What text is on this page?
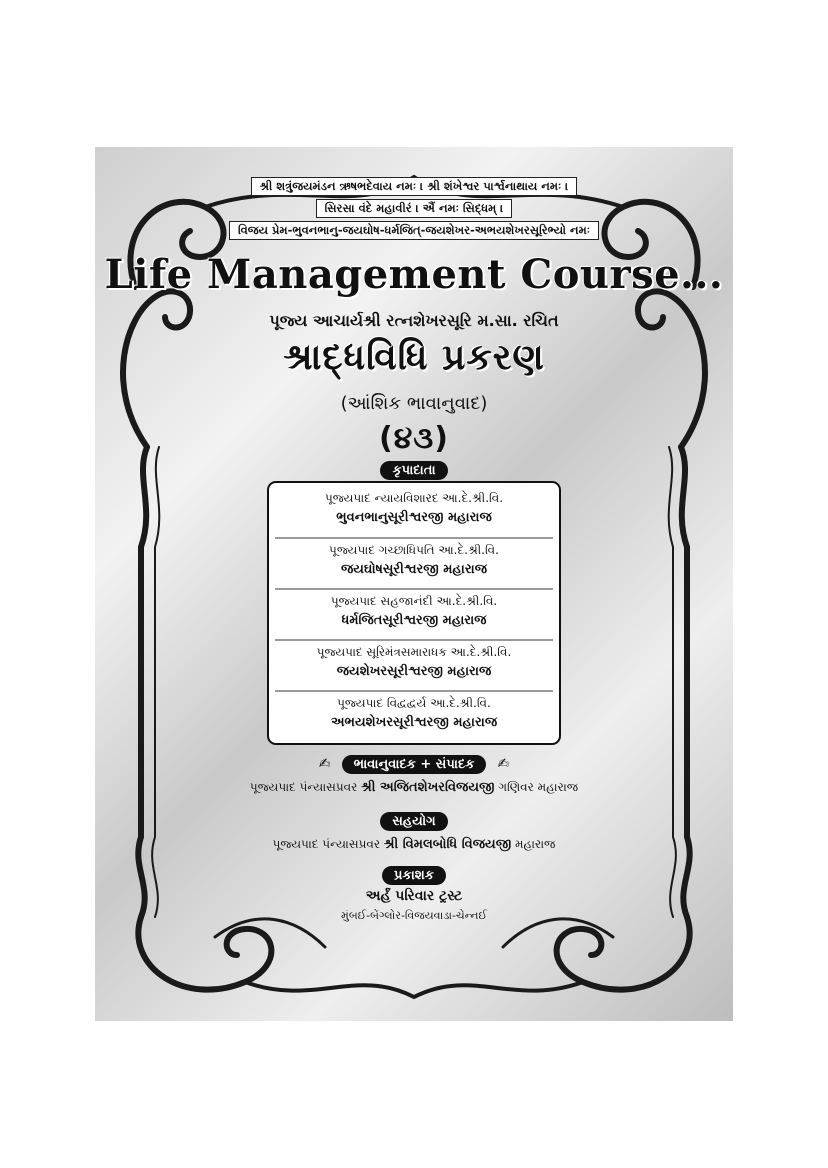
શ્રી શત્રુંજયમંડન ઋષભદેવાય નમઃ । શ્રી શંખેશ્વર પાર્શ્વનાથાય નમઃ ।
સિરસા વંદે મહાવીરં । ઐં નમઃ સિદ્ધમ્ ।
વિજય પ્રેમ-ભુવનભાનુ-જયઘોષ-ધર્મજિત્-જયશેખર-અભયશેખરસૂરિભ્યો નમઃ
Life Management Course...
પૂજ્ય આચાર્યશ્રી રત્નશેખરસૂરિ મ.સા. રચિત
શ્રાદ્ધવિધિ પ્રકરણ
(આંશિક ભાવાનુવાદ)
(૪૩)
કૃપાદાતા
પૂજ્યપાદ ન્યાયવિશારદ આ.દે.શ્રી.વિ.
ભુવનભાનુસૂરીશ્વરજી મહારાજ
પૂજ્યપાદ ગચ્છાધિપતિ આ.દે.શ્રી.વિ.
જયઘોષસૂરીશ્વરજી મહારાજ
પૂજ્યપાદ સહજાનંદી આ.દે.શ્રી.વિ.
ધર્મજિતસૂરીશ્વરજી મહારાજ
પૂજ્યપાદ સૂરિમંત્રસમારાધક આ.દે.શ્રી.વિ.
જયશેખરસૂરીશ્વરજી મહારાજ
પૂજ્યપાદ વિદ્વદ્વર્ય આ.દે.શ્રી.વિ.
અભયશેખરસૂરીશ્વરજી મહારાજ
✍ ભાવાનુવાદક + સંપાદક ✍
પૂજ્યપાદ પંન્યાસપ્રવર શ્રી અજિતશેખરવિજયજી ગણિવર મહારાજ
સહયોગ
પૂજ્યપાદ પંન્યાસપ્રવર શ્રી વિમલબોધિ વિજયજી મહારાજ
પ્રકાશક
અર્હં પરિવાર ટ્રસ્ટ
મુંબઈ-બેંગ્લોર-વિજયવાડા-ચેન્નઈ
